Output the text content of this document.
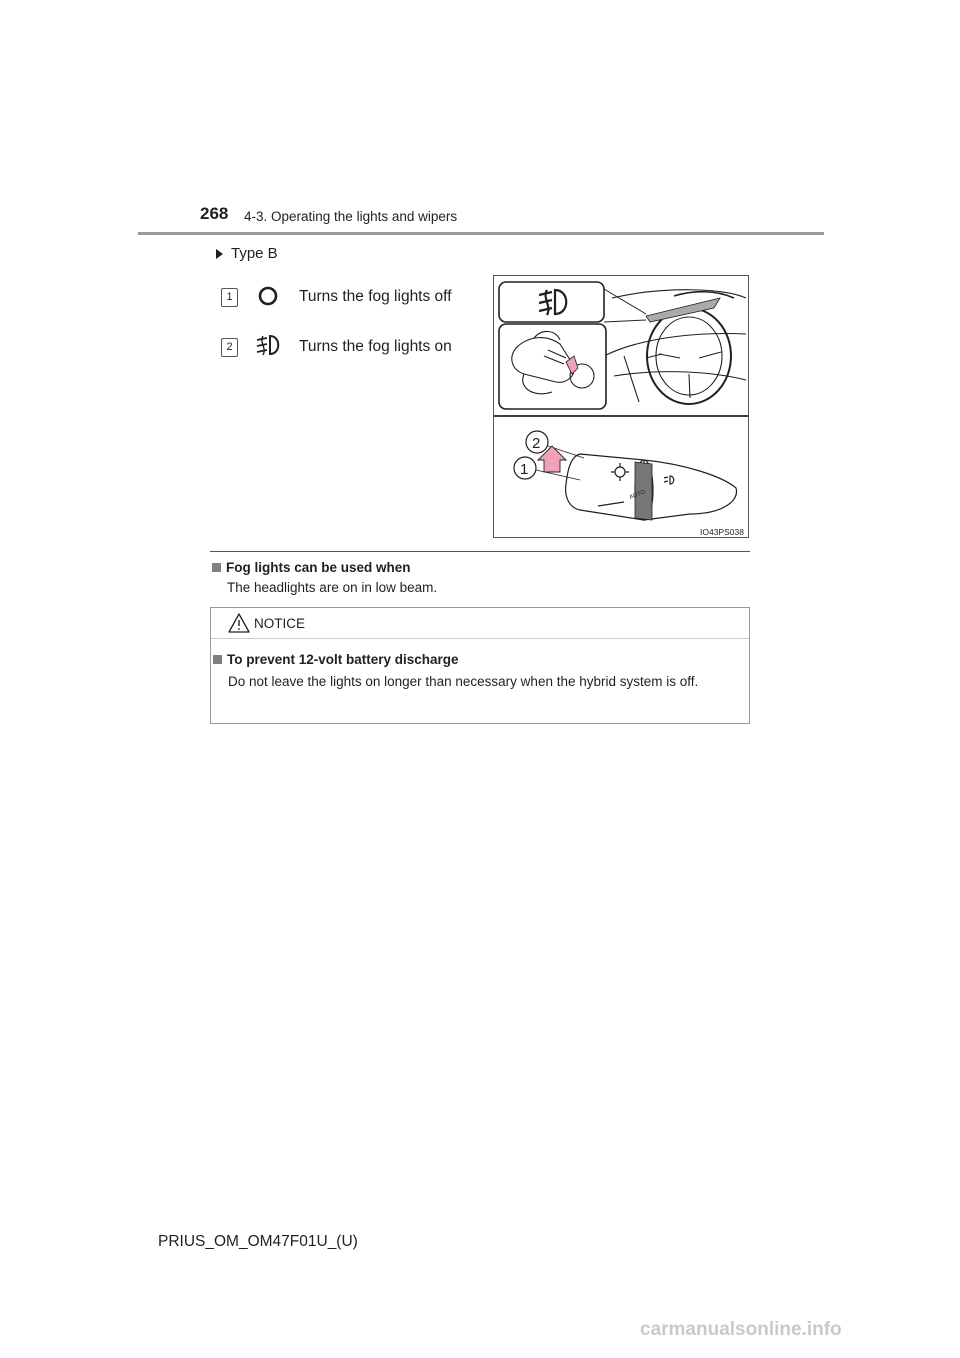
268 4-3. Operating the lights and wipers
Type B
1	Turns the fog lights off
2	Turns the fog lights on
2
1
AUTO
IO43PS038
Fog lights can be used when
The headlights are on in low beam.
NOTICE
To prevent 12-volt battery discharge
Do not leave the lights on longer than necessary when the hybrid system is off.
PRIUS_OM_OM47F01U_(U)
carmanualsonline.info
